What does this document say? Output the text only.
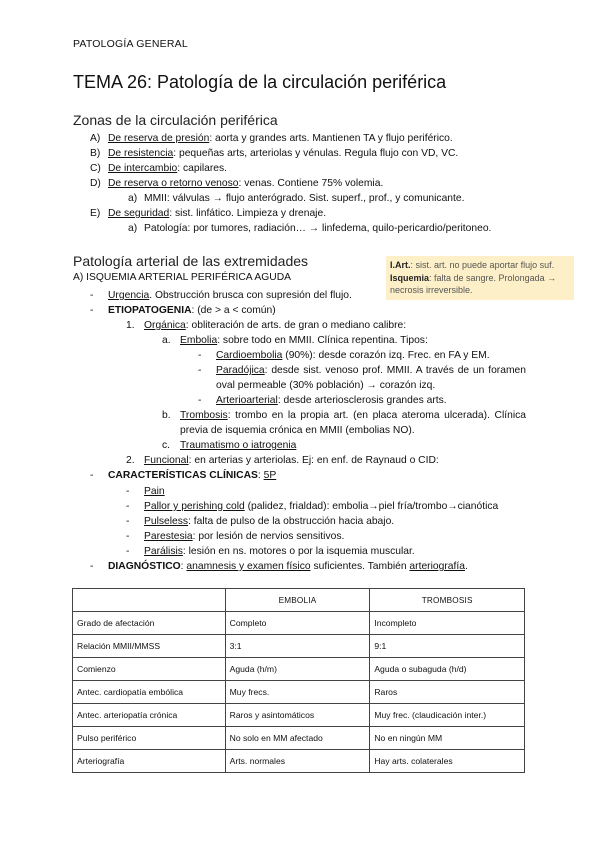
PATOLOGÍA GENERAL
TEMA 26: Patología de la circulación periférica
Zonas de la circulación periférica
A) De reserva de presión: aorta y grandes arts. Mantienen TA y flujo periférico.
B) De resistencia: pequeñas arts, arteriolas y vénulas. Regula flujo con VD, VC.
C) De intercambio: capilares.
D) De reserva o retorno venoso: venas. Contiene 75% volemia.
a) MMII: válvulas → flujo anterógrado. Sist. superf., prof., y comunicante.
E) De seguridad: sist. linfático. Limpieza y drenaje.
a) Patología: por tumores, radiación… → linfedema, quilo-pericardio/peritoneo.
Patología arterial de las extremidades
A) ISQUEMIA ARTERIAL PERIFÉRICA AGUDA
I.Art.: sist. art. no puede aportar flujo suf.
Isquemia: falta de sangre. Prolongada → necrosis irreversible.
- Urgencia. Obstrucción brusca con supresión del flujo.
- ETIOPATOGENIA: (de > a < común)
1. Orgánica: obliteración de arts. de gran o mediano calibre:
a. Embolia: sobre todo en MMII. Clínica repentina. Tipos:
- Cardioembolia (90%): desde corazón izq. Frec. en FA y EM.
- Paradójica: desde sist. venoso prof. MMII. A través de un foramen oval permeable (30% población) → corazón izq.
- Arterioarterial: desde arteriosclerosis grandes arts.
b. Trombosis: trombo en la propia art. (en placa ateroma ulcerada). Clínica previa de isquemia crónica en MMII (embolias NO).
c. Traumatismo o iatrogenia
2. Funcional: en arterias y arteriolas. Ej: en enf. de Raynaud o CID:
- CARACTERÍSTICAS CLÍNICAS: 5P
- Pain
- Pallor y perishing cold (palidez, frialdad): embolia→piel fría/trombo→cianótica
- Pulseless: falta de pulso de la obstrucción hacia abajo.
- Parestesia: por lesión de nervios sensitivos.
- Parálisis: lesión en ns. motores o por la isquemia muscular.
- DIAGNÓSTICO: anamnesis y examen físico suficientes. También arteriografía.
	EMBOLIA	TROMBOSIS
Grado de afectación	Completo	Incompleto
Relación MMII/MMSS	3:1	9:1
Comienzo	Aguda (h/m)	Aguda o subaguda (h/d)
Antec. cardiopatía embólica	Muy frecs.	Raros
Antec. arteriopatía crónica	Raros y asintomáticos	Muy frec. (claudicación inter.)
Pulso periférico	No solo en MM afectado	No en ningún MM
Arteriografía	Arts. normales	Hay arts. colaterales
